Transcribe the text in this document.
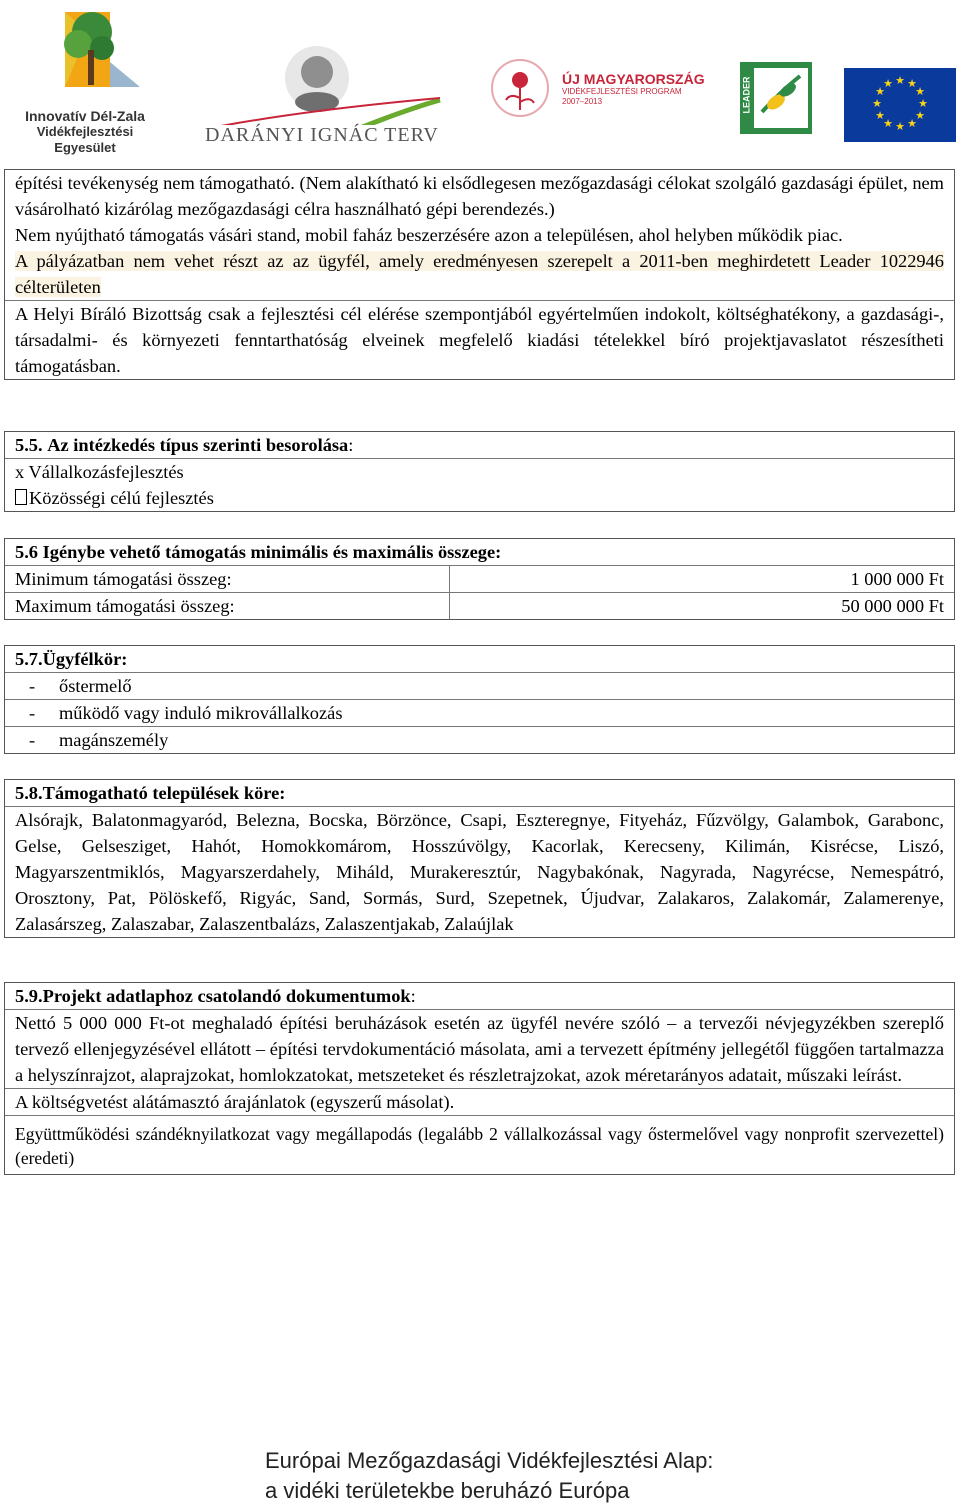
Innovatív Dél-Zala
Vidékfejlesztési Egyesület
DARÁNYI IGNÁC TERV
ÚJ MAGYARORSZÁG
VIDÉKFEJLESZTÉSI PROGRAM
2007–2013	LEADER	★ ★
★
★
★
★
★
★
★
★
★
★
építési tevékenység nem támogatható. (Nem alakítható ki elsődlegesen mezőgazdasági célokat szolgáló gazdasági épület, nem vásárolható kizárólag mezőgazdasági célra használható gépi berendezés.)
Nem nyújtható támogatás vásári stand, mobil faház beszerzésére azon a településen, ahol helyben működik piac.
A pályázatban nem vehet részt az az ügyfél, amely eredményesen szerepelt a 2011-ben meghirdetett Leader 1022946 célterületen
A Helyi Bíráló Bizottság csak a fejlesztési cél elérése szempontjából egyértelműen indokolt, költséghatékony, a gazdasági-, társadalmi- és környezeti fenntarthatóság elveinek megfelelő kiadási tételekkel bíró projektjavaslatot részesítheti támogatásban.
5.5. Az intézkedés típus szerinti besorolása:
x Vállalkozásfejlesztés
Közösségi célú fejlesztés
5.6 Igénybe vehető támogatás minimális és maximális összege:
Minimum támogatási összeg:	1 000 000 Ft
Maximum támogatási összeg:	50 000 000 Ft
5.7.Ügyfélkör:
- őstermelő
- működő vagy induló mikrovállalkozás
- magánszemély
5.8.Támogatható települések köre:
Alsórajk, Balatonmagyaród, Belezna, Bocska, Börzönce, Csapi, Eszteregnye, Fityeház, Fűzvölgy, Galambok, Garabonc, Gelse, Gelsesziget, Hahót, Homokkomárom, Hosszúvölgy, Kacorlak, Kerecseny, Kilimán, Kisrécse, Liszó, Magyarszentmiklós, Magyarszerdahely, Miháld, Murakeresztúr, Nagybakónak, Nagyrada, Nagyrécse, Nemespátró, Orosztony, Pat, Pölöskefő, Rigyác, Sand, Sormás, Surd, Szepetnek, Újudvar, Zalakaros, Zalakomár, Zalamerenye, Zalasárszeg, Zalaszabar, Zalaszentbalázs, Zalaszentjakab, Zalaújlak
5.9.Projekt adatlaphoz csatolandó dokumentumok:
Nettó 5 000 000 Ft-ot meghaladó építési beruházások esetén az ügyfél nevére szóló – a tervezői névjegyzékben szereplő tervező ellenjegyzésével ellátott – építési tervdokumentáció másolata, ami a tervezett építmény jellegétől függően tartalmazza a helyszínrajzot, alaprajzokat, homlokzatokat, metszeteket és részletrajzokat, azok méretarányos adatait, műszaki leírást.
A költségvetést alátámasztó árajánlatok (egyszerű másolat).
Együttműködési szándéknyilatkozat vagy megállapodás (legalább 2 vállalkozással vagy őstermelővel vagy nonprofit szervezettel) (eredeti)
Európai Mezőgazdasági Vidékfejlesztési Alap:
a vidéki területekbe beruházó Európa
